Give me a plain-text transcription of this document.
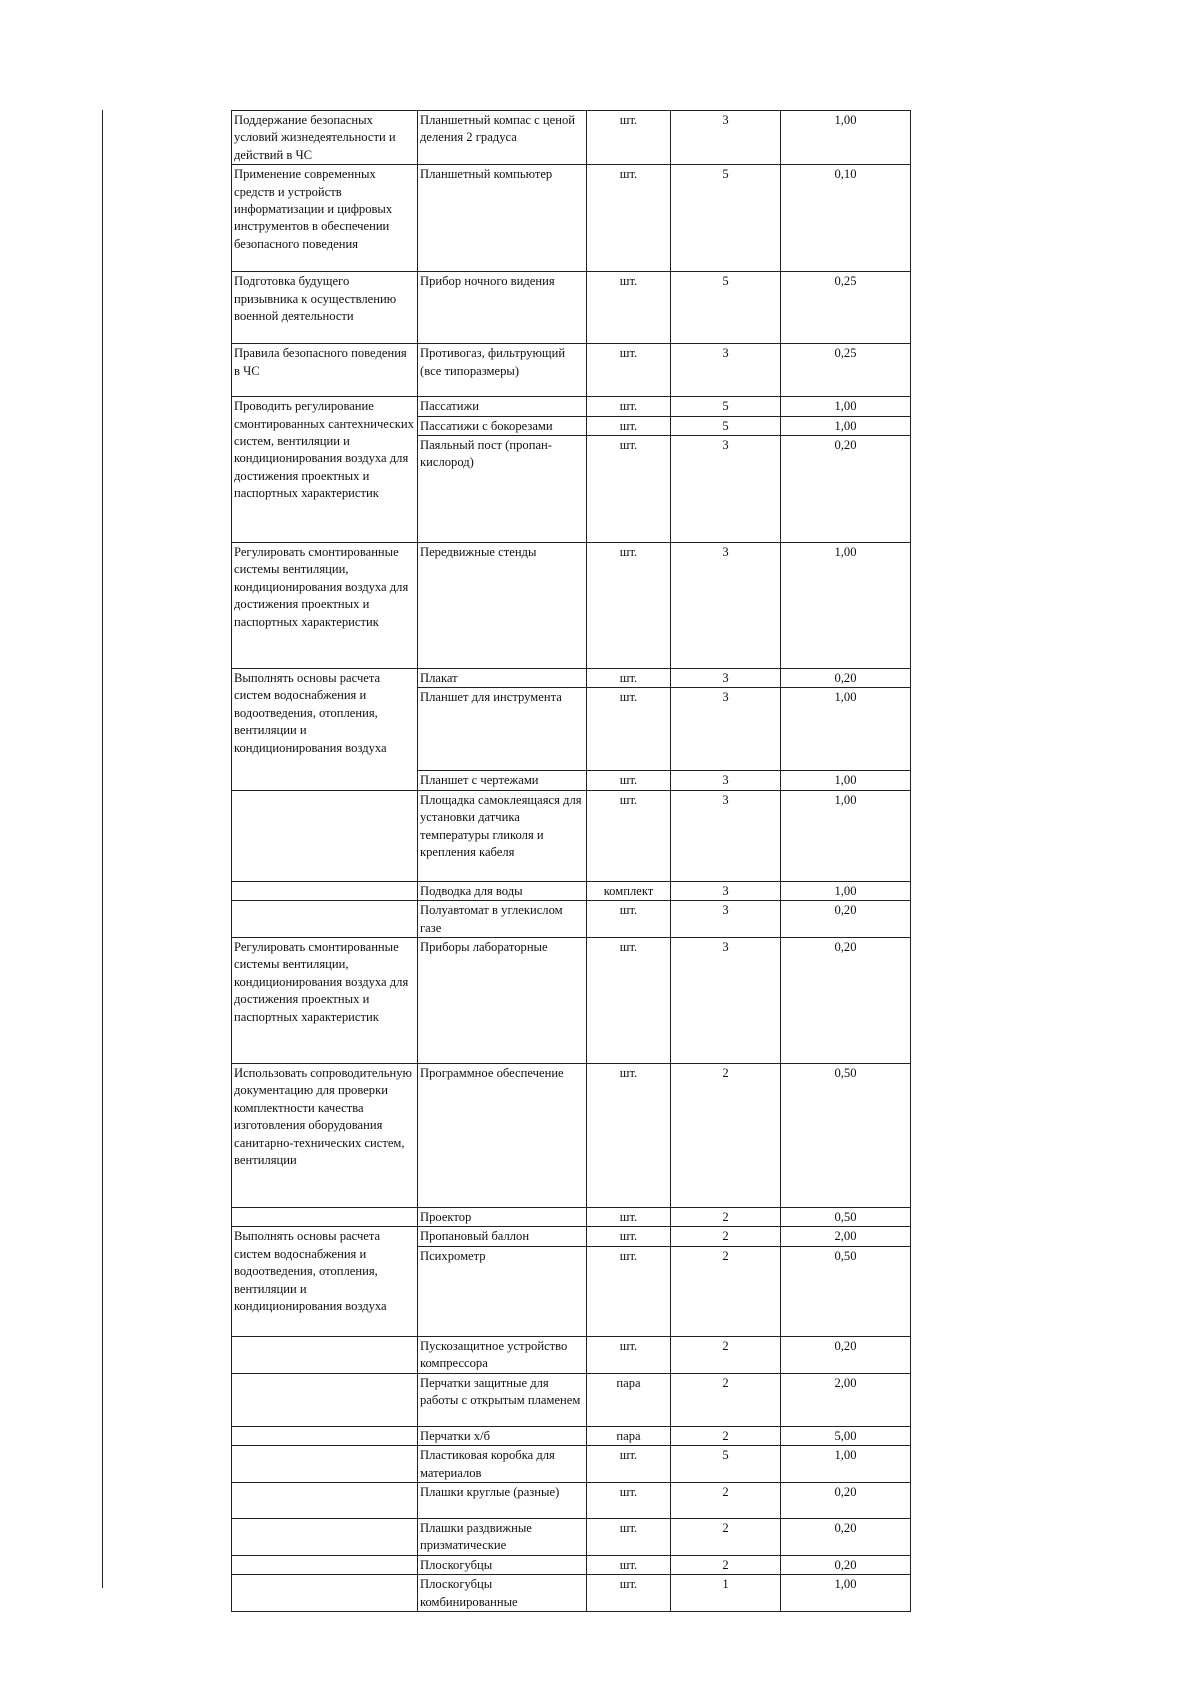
Поддержание безопасных условий жизнедеятельности и действий в ЧС	Планшетный компас с ценой деления 2 градуса	шт.	3	1,00
Применение современных средств и устройств информатизации и цифровых инструментов в обеспечении безопасного поведения	Планшетный компьютер	шт.	5	0,10
Подготовка будущего призывника к осуществлению военной деятельности	Прибор ночного видения	шт.	5	0,25
Правила безопасного поведения в ЧС	Противогаз, фильтрующий (все типоразмеры)	шт.	3	0,25
Проводить регулирование смонтированных сантехнических систем, вентиляции и кондиционирования воздуха для достижения проектных и паспортных характеристик	Пассатижи	шт.	5	1,00
	Пассатижи с бокорезами	шт.	5	1,00
	Паяльный пост (пропан-кислород)	шт.	3	0,20
Регулировать смонтированные системы вентиляции, кондиционирования воздуха для достижения проектных и паспортных характеристик	Передвижные стенды	шт.	3	1,00
Выполнять основы расчета систем водоснабжения и водоотведения, отопления, вентиляции и кондиционирования воздуха	Плакат	шт.	3	0,20
	Планшет для инструмента	шт.	3	1,00
	Планшет с чертежами	шт.	3	1,00
	Площадка самоклеящаяся для установки датчика температуры гликоля и крепления кабеля	шт.	3	1,00
	Подводка для воды	комплект	3	1,00
	Полуавтомат в углекислом газе	шт.	3	0,20
Регулировать смонтированные системы вентиляции, кондиционирования воздуха для достижения проектных и паспортных характеристик	Приборы лабораторные	шт.	3	0,20
Использовать сопроводительную документацию для проверки комплектности качества изготовления оборудования санитарно-технических систем, вентиляции	Программное обеспечение	шт.	2	0,50
	Проектор	шт.	2	0,50
Выполнять основы расчета систем водоснабжения и водоотведения, отопления, вентиляции и кондиционирования воздуха	Пропановый баллон	шт.	2	2,00
	Психрометр	шт.	2	0,50
	Пускозащитное устройство компрессора	шт.	2	0,20
	Перчатки защитные для работы с открытым пламенем	пара	2	2,00
	Перчатки х/б	пара	2	5,00
	Пластиковая коробка для материалов	шт.	5	1,00
	Плашки круглые (разные)	шт.	2	0,20
	Плашки раздвижные призматические	шт.	2	0,20
	Плоскогубцы	шт.	2	0,20
	Плоскогубцы комбинированные	шт.	1	1,00
